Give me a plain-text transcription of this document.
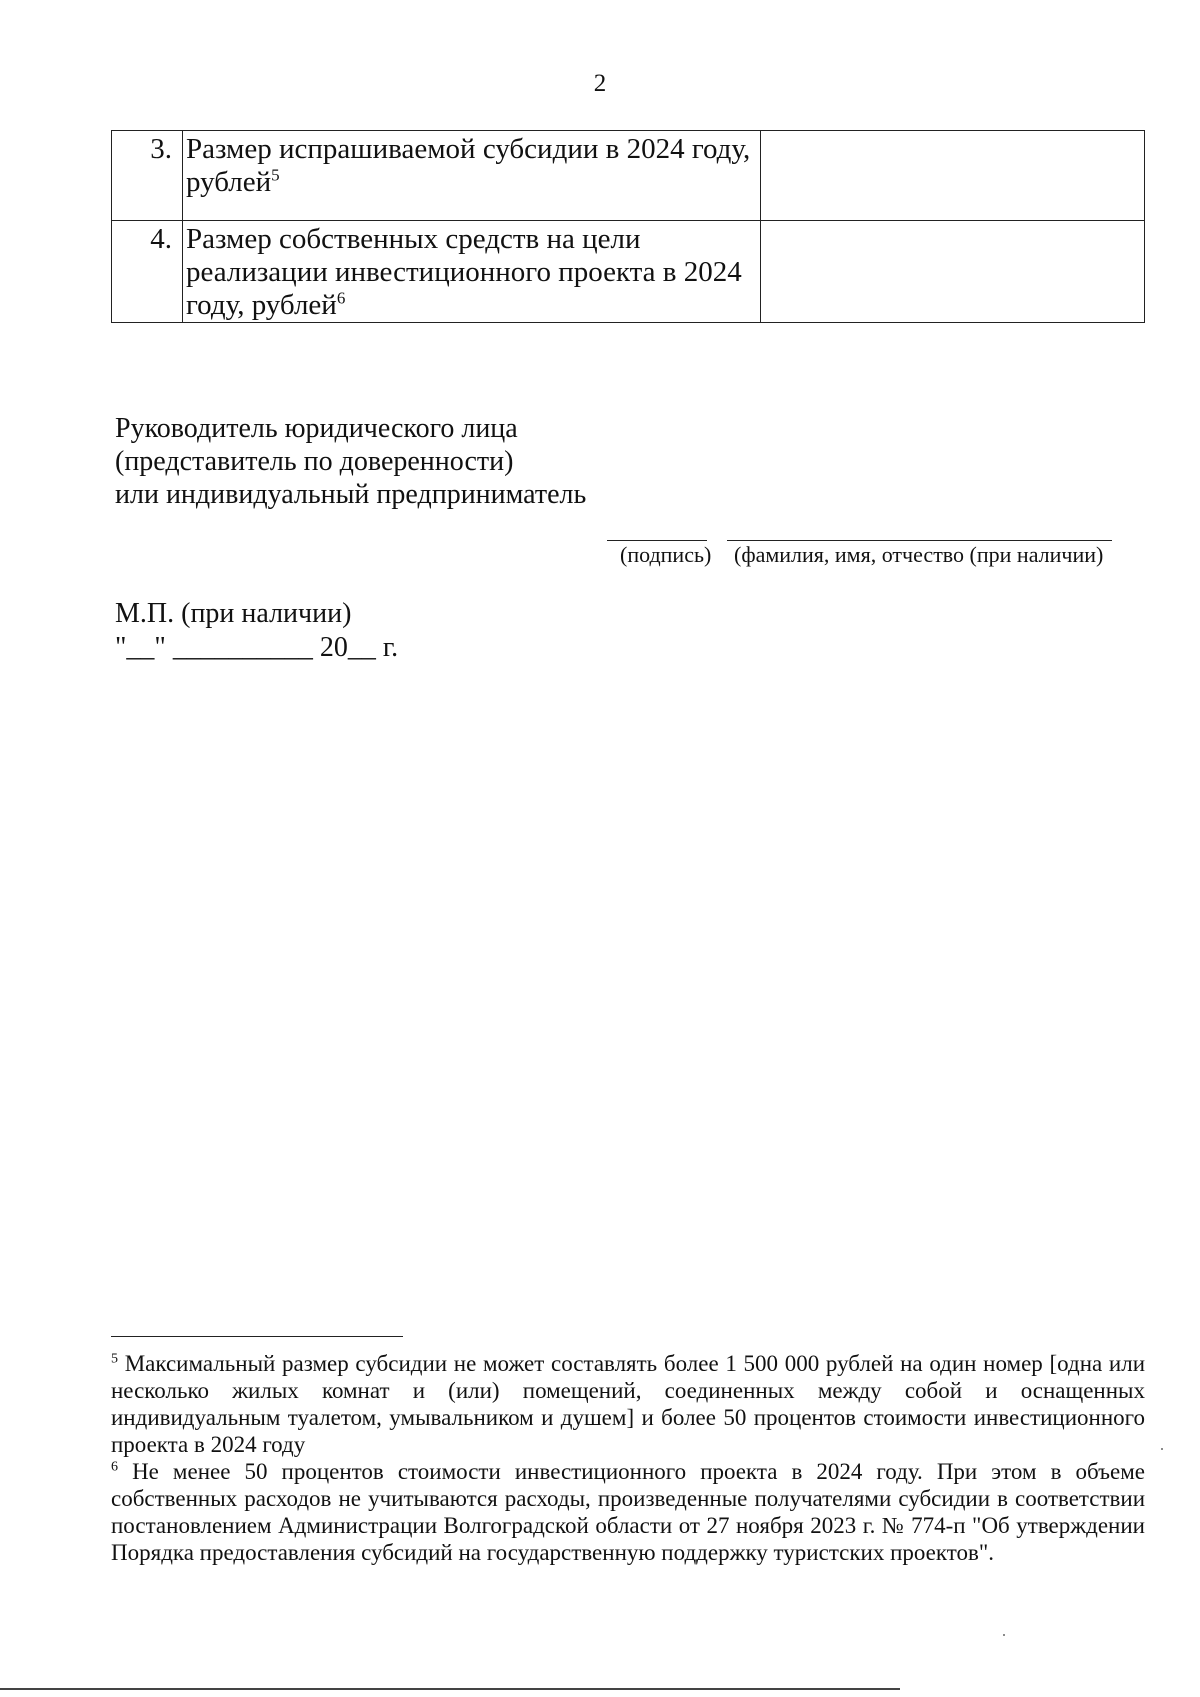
2
3.	Размер испрашиваемой субсидии в 2024 году, рублей$^5$	
4.	Размер собственных средств на цели реализации инвестиционного проекта в 2024 году, рублей$^6$	
Руководитель юридического лица
(представитель по доверенности)
или индивидуальный предприниматель
(подпись) (фамилия, имя, отчество (при наличии)
М.П. (при наличии)
"__" __________ 20__ г.

$^5$ Максимальный размер субсидии не может составлять более 1 500 000 рублей на один номер [одна или несколько жилых комнат и (или) помещений, соединенных между собой и оснащенных индивидуальным туалетом, умывальником и душем] и более 50 процентов стоимости инвестиционного проекта в 2024 году

$^6$ Не менее 50 процентов стоимости инвестиционного проекта в 2024 году. При этом в объеме собственных расходов не учитываются расходы, произведенные получателями субсидии в соответствии постановлением Администрации Волгоградской области от 27 ноября 2023 г. № 774-п "Об утверждении Порядка предоставления субсидий на государственную поддержку туристских проектов".
